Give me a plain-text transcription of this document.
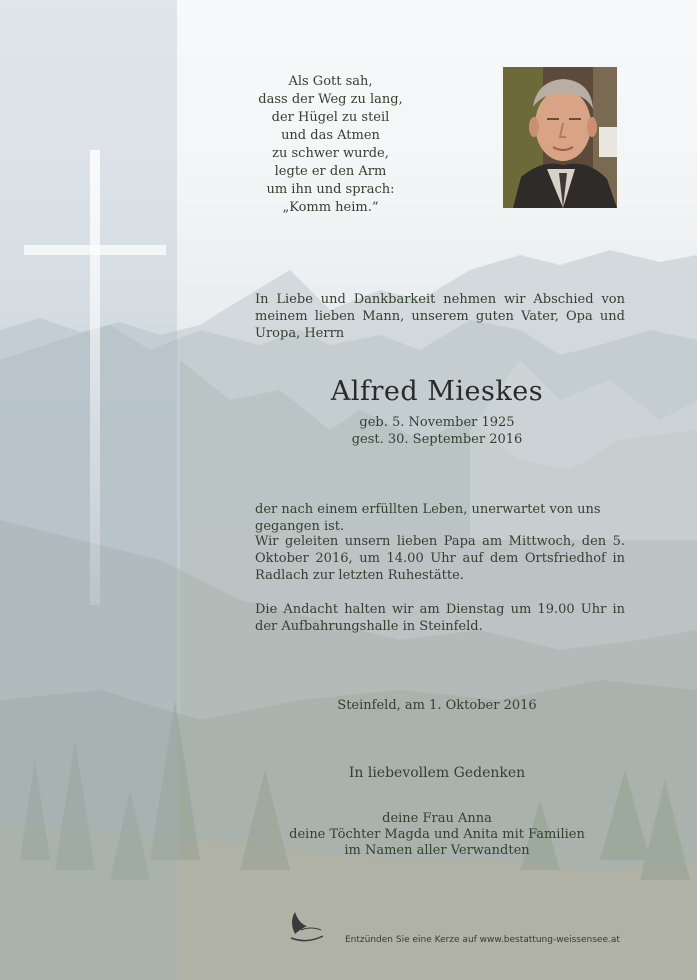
Als Gott sah,
dass der Weg zu lang,
der Hügel zu steil
und das Atmen
zu schwer wurde,
legte er den Arm
um ihn und sprach:
„Komm heim.“

In Liebe und Dankbarkeit nehmen wir Abschied von meinem lieben Mann, unserem guten Vater, Opa und Uropa, Herrn

Alfred Mieskes
geb. 5. November 1925
gest. 30. September 2016

der nach einem erfüllten Leben, unerwartet von uns gegangen ist.

Wir geleiten unsern lieben Papa am Mittwoch, den 5. Oktober 2016, um 14.00 Uhr auf dem Ortsfriedhof in Radlach zur letzten Ruhestätte.

Die Andacht halten wir am Dienstag um 19.00 Uhr in der Aufbahrungshalle in Steinfeld.

Steinfeld, am 1. Oktober 2016

In liebevollem Gedenken

deine Frau Anna
deine Töchter Magda und Anita mit Familien
im Namen aller Verwandten

Entzünden Sie eine Kerze auf www.bestattung-weissensee.at
